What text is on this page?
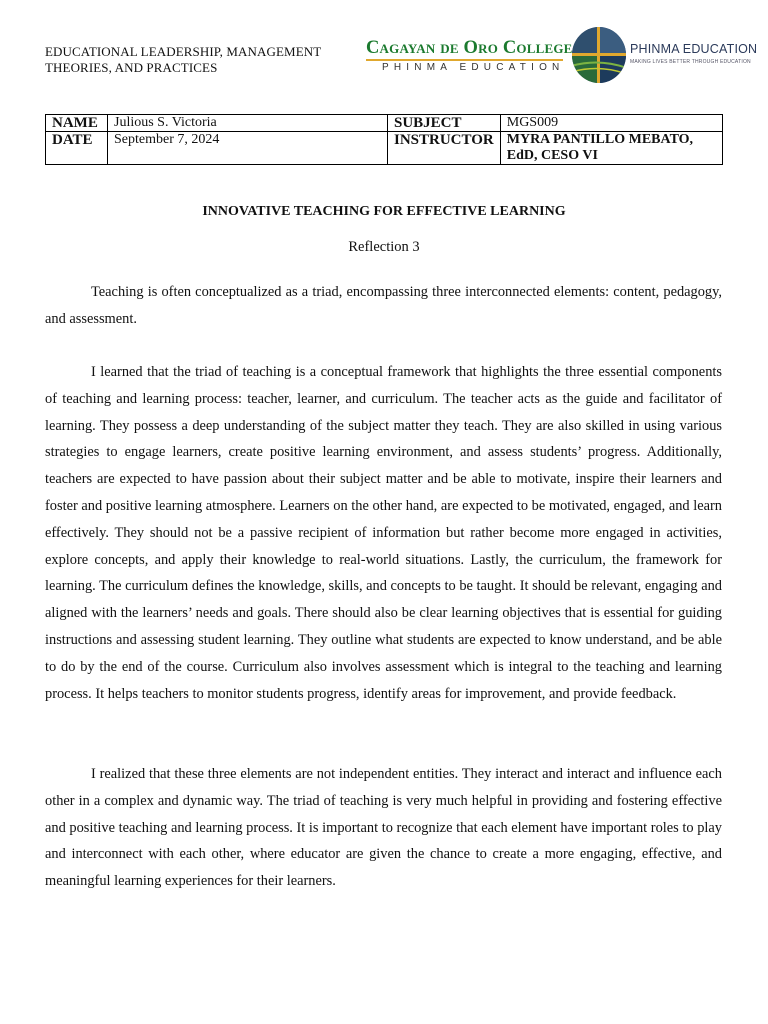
EDUCATIONAL LEADERSHIP, MANAGEMENT THEORIES, AND PRACTICES
Cagayan de Oro College
PHINMA EDUCATION
PHINMA EDUCATION
MAKING LIVES BETTER THROUGH EDUCATION
NAME	Julious S. Victoria	SUBJECT	MGS009
DATE	September 7, 2024	INSTRUCTOR	MYRA PANTILLO MEBATO, EdD, CESO VI
INNOVATIVE TEACHING FOR EFFECTIVE LEARNING
Reflection 3

Teaching is often conceptualized as a triad, encompassing three interconnected elements: content, pedagogy, and assessment.

I learned that the triad of teaching is a conceptual framework that highlights the three essential components of teaching and learning process: teacher, learner, and curriculum. The teacher acts as the guide and facilitator of learning. They possess a deep understanding of the subject matter they teach. They are also skilled in using various strategies to engage learners, create positive learning environment, and assess students’ progress. Additionally, teachers are expected to have passion about their subject matter and be able to motivate, inspire their learners and foster and positive learning atmosphere. Learners on the other hand, are expected to be motivated, engaged, and learn effectively. They should not be a passive recipient of information but rather become more engaged in activities, explore concepts, and apply their knowledge to real-world situations. Lastly, the curriculum, the framework for learning. The curriculum defines the knowledge, skills, and concepts to be taught. It should be relevant, engaging and aligned with the learners’ needs and goals. There should also be clear learning objectives that is essential for guiding instructions and assessing student learning. They outline what students are expected to know understand, and be able to do by the end of the course. Curriculum also involves assessment which is integral to the teaching and learning process. It helps teachers to monitor students progress, identify areas for improvement, and provide feedback.

I realized that these three elements are not independent entities. They interact and interact and influence each other in a complex and dynamic way. The triad of teaching is very much helpful in providing and fostering effective and positive teaching and learning process. It is important to recognize that each element have important roles to play and interconnect with each other, where educator are given the chance to create a more engaging, effective, and meaningful learning experiences for their learners.
